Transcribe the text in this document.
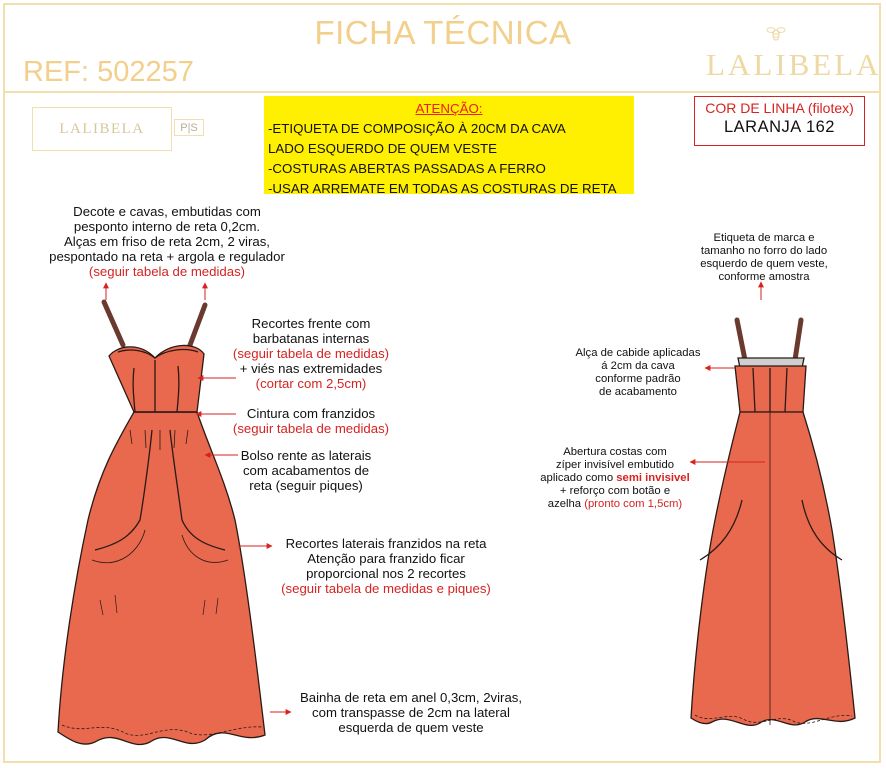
FICHA TÉCNICA
REF: 502257	LALIBELA
LALIBELA	P|S
ATENÇÃO:
-ETIQUETA DE COMPOSIÇÃO À 20CM DA CAVA
LADO ESQUERDO DE QUEM VESTE
-COSTURAS ABERTAS PASSADAS A FERRO
-USAR ARREMATE EM TODAS AS COSTURAS DE RETA
COR DE LINHA (filotex)
LARANJA 162
Decote e cavas, embutidas com
pesponto interno de reta 0,2cm.
Alças em friso de reta 2cm, 2 viras,
pespontado na reta + argola e regulador
(seguir tabela de medidas)
Recortes frente com
barbatanas internas
(seguir tabela de medidas)
+ viés nas extremidades
(cortar com 2,5cm)
Cintura com franzidos
(seguir tabela de medidas)
Bolso rente as laterais
com acabamentos de
reta (seguir piques)
Recortes laterais franzidos na reta
Atenção para franzido ficar
proporcional nos 2 recortes
(seguir tabela de medidas e piques)
Bainha de reta em anel 0,3cm, 2viras,
com transpasse de 2cm na lateral
esquerda de quem veste
Etiqueta de marca e
tamanho no forro do lado
esquerdo de quem veste,
conforme amostra
Alça de cabide aplicadas
á 2cm da cava
conforme padrão
de acabamento
Abertura costas com
zíper invisível embutido
aplicado como semi invisivel
+ reforço com botão e
azelha (pronto com 1,5cm)
